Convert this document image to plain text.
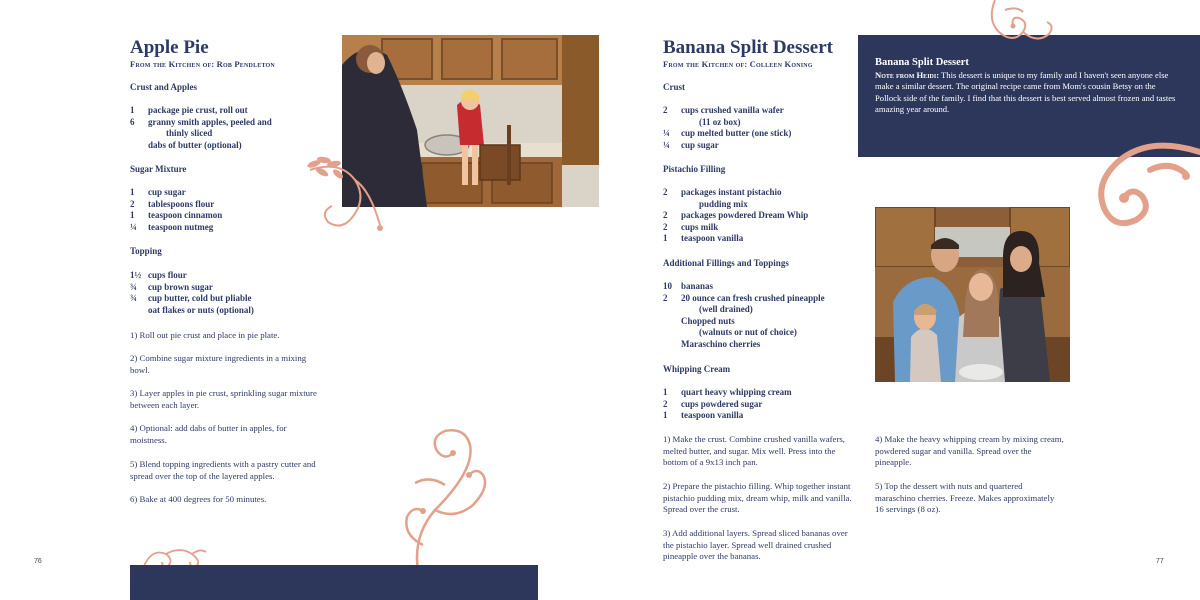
Apple Pie
From the Kitchen of: Rob Pendleton
Crust and Apples
1	package pie crust, roll out
6	granny smith apples, peeled and
thinly sliced
dabs of butter (optional)
Sugar Mixture
1	cup sugar
2	tablespoons flour
1	teaspoon cinnamon
¼	teaspoon nutmeg
Topping
1½ cups flour
¾	cup brown sugar
¾	cup butter, cold but pliable
oat flakes or nuts (optional)
1) Roll out pie crust and place in pie plate.
2) Combine sugar mixture ingredients in a mixing bowl.
3) Layer apples in pie crust, sprinkling sugar mixture between each layer.
4) Optional: add dabs of butter in apples, for moistness.
5) Blend topping ingredients with a pastry cutter and spread over the top of the layered apples.
6) Bake at 400 degrees for 50 minutes.
76
Banana Split Dessert
From the Kitchen of: Colleen Koning
Crust
2	cups crushed vanilla wafer
(11 oz box)
¼	cup melted butter (one stick)
¼	cup sugar
Pistachio Filling
2	packages instant pistachio
pudding mix
2	packages powdered Dream Whip
2	cups milk
1	teaspoon vanilla
Additional Fillings and Toppings
10	bananas
2	20 ounce can fresh crushed pineapple
(well drained)
Chopped nuts
(walnuts or nut of choice)
Maraschino cherries
Whipping Cream
1	quart heavy whipping cream
2	cups powdered sugar
1	teaspoon vanilla
1) Make the crust. Combine crushed vanilla wafers, melted butter, and sugar. Mix well. Press into the bottom of a 9x13 inch pan.
2) Prepare the pistachio filling. Whip together instant pistachio pudding mix, dream whip, milk and vanilla. Spread over the crust.
3) Add additional layers. Spread sliced bananas over the pistachio layer. Spread well drained crushed pineapple over the bananas.
4) Make the heavy whipping cream by mixing cream, powdered sugar and vanilla. Spread over the pineapple.
5) Top the dessert with nuts and quartered maraschino cherries. Freeze. Makes approximately 16 servings (8 oz).
Banana Split Dessert
Note from Heidi: This dessert is unique to my family and I haven't seen anyone else make a similar dessert. The original recipe came from Mom's cousin Betsy on the Pollock side of the family. I find that this dessert is best served almost frozen and tastes amazing year around.
77
